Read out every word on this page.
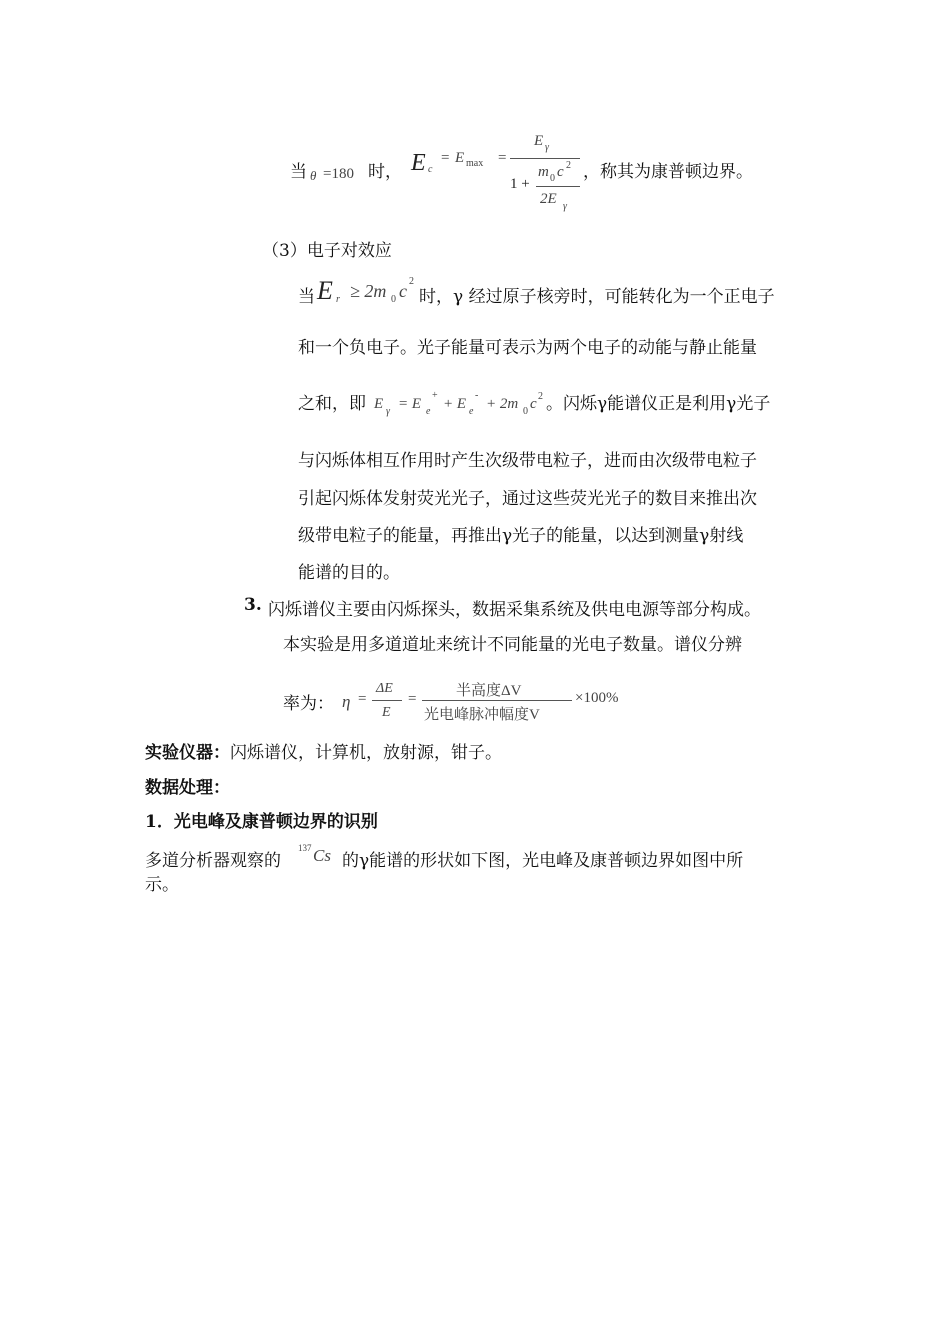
当 θ =180 时， E c
= E max =
E γ
1 +
m 0 c 2
2E γ
，称其为康普顿边界。
（3）电子对效应
当 E r ≥ 2m 0 c 2
时，γ 经过原子核旁时，可能转化为一个正电子
和一个负电子。光子能量可表示为两个电子的动能与静止能量
之和，即 E γ = E e
+
+ E e
-
+ 2m 0 c 2 。闪烁γ能谱仪正是利用γ光子
与闪烁体相互作用时产生次级带电粒子，进而由次级带电粒子
引起闪烁体发射荧光光子，通过这些荧光光子的数目来推出次
级带电粒子的能量，再推出γ光子的能量，以达到测量γ射线
能谱的目的。
3. 闪烁谱仪主要由闪烁探头，数据采集系统及供电电源等部分构成。
本实验是用多道道址来统计不同能量的光电子数量。谱仪分辨
率为： η =
ΔE
E
=	半高度ΔV
光电峰脉冲幅度V
×100%
实验仪器：闪烁谱仪，计算机，放射源，钳子。
数据处理：
1．光电峰及康普顿边界的识别
多道分析器观察的
137 Cs 的γ能谱的形状如下图，光电峰及康普顿边界如图中所
示。
